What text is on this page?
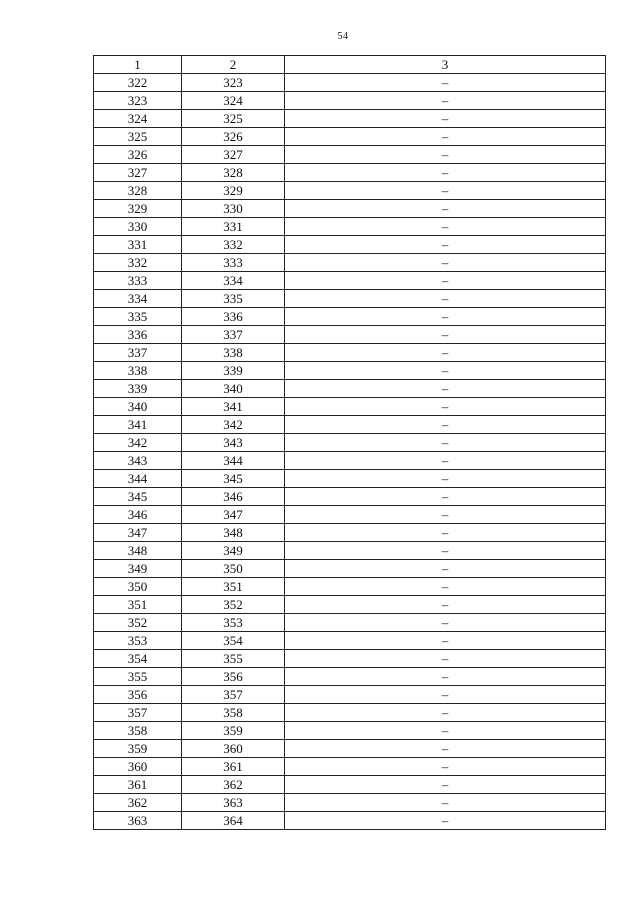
54
1	2	3
322	323	–
323	324	–
324	325	–
325	326	–
326	327	–
327	328	–
328	329	–
329	330	–
330	331	–
331	332	–
332	333	–
333	334	–
334	335	–
335	336	–
336	337	–
337	338	–
338	339	–
339	340	–
340	341	–
341	342	–
342	343	–
343	344	–
344	345	–
345	346	–
346	347	–
347	348	–
348	349	–
349	350	–
350	351	–
351	352	–
352	353	–
353	354	–
354	355	–
355	356	–
356	357	–
357	358	–
358	359	–
359	360	–
360	361	–
361	362	–
362	363	–
363	364	–
